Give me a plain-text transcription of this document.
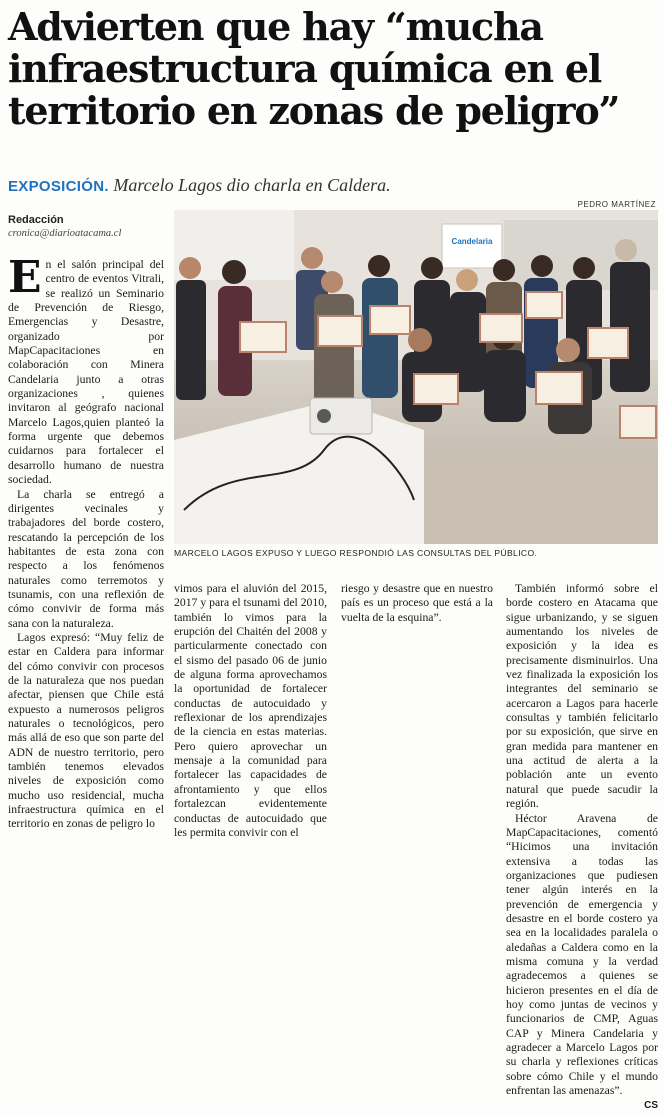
Advierten que hay “mucha infraestructura química en el territorio en zonas de peligro”
EXPOSICIÓN. Marcelo Lagos dio charla en Caldera.
Redacción
cronica@diarioatacama.cl
PEDRO MARTÍNEZ
Candelaria
MARCELO LAGOS EXPUSO Y LUEGO RESPONDIÓ LAS CONSULTAS DEL PÚBLICO.

En el salón principal del centro de eventos Vitrali, se realizó un Seminario de Prevención de Riesgo, Emergencias y Desastre, organizado por MapCapacitaciones en colaboración con Minera Candelaria junto a otras organizaciones , quienes invitaron al geógrafo nacional Marcelo Lagos,quien planteó la forma urgente que debemos cuidarnos para fortalecer el desarrollo humano de nuestra sociedad.

La charla se entregó a dirigentes vecinales y trabajadores del borde costero, rescatando la percepción de los habitantes de esta zona con respecto a los fenómenos naturales como terremotos y tsunamis, con una reflexión de cómo convivir de forma más sana con la naturaleza.

Lagos expresó: “Muy feliz de estar en Caldera para informar del cómo convivir con procesos de la naturaleza que nos puedan afectar, piensen que Chile está expuesto a numerosos peligros naturales o tecnológicos, pero más allá de eso que son parte del ADN de nuestro territorio, pero también tenemos elevados niveles de exposición como mucho uso residencial, mucha infraestructura química en el territorio en zonas de peligro lo

También informó sobre el borde costero en Atacama que sigue urbanizando, y se siguen aumentando los niveles de exposición y la idea es precisamente disminuirlos. Una vez finalizada la exposición los integrantes del seminario se acercaron a Lagos para hacerle consultas y también felicitarlo por su exposición, que sirve en gran medida para mantener en una actitud de alerta a la población ante un evento natural que puede sacudir la región.

Héctor Aravena de MapCapacitaciones, comentó “Hicimos una invitación extensiva a todas las organizaciones que pudiesen tener algún interés en la prevención de emergencia y desastre en el borde costero ya sea en la localidades paralela o aledañas a Caldera como en la misma comuna y la verdad agradecemos a quienes se hicieron presentes en el día de hoy como juntas de vecinos y funcionarios de CMP, Aguas CAP y Minera Candelaria y agradecer a Marcelo Lagos por su charla y reflexiones críticas sobre cómo Chile y el mundo enfrentan las amenazas”.

CS

vimos para el aluvión del 2015, 2017 y para el tsunami del 2010, también lo vimos para la erupción del Chaitén del 2008 y particularmente conectado con el sismo del pasado 06 de junio de alguna forma aprovechamos la oportunidad de fortalecer conductas de autocuidado y reflexionar de los aprendizajes de la ciencia en estas materias. Pero quiero aprovechar un mensaje a la comunidad para fortalecer las capacidades de afrontamiento y que ellos fortalezcan evidentemente conductas de autocuidado que les permita convivir con el

riesgo y desastre que en nuestro país es un proceso que está a la vuelta de la esquina”.
